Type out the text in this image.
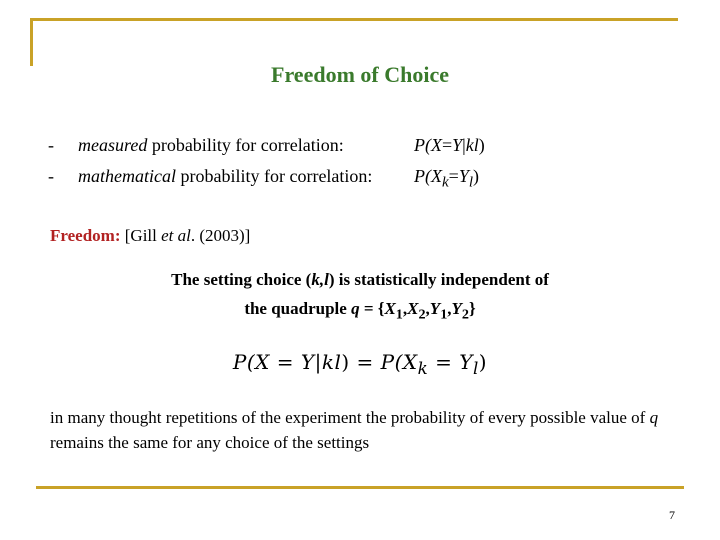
Freedom of Choice
- measured probability for correlation:	P(X=Y|kl)
- mathematical probability for correlation: $P(X_k=Y_l)$
Freedom: [Gill et al. (2003)]
The setting choice (k,l) is statistically independent of
the quadruple $q = \{X_1,X_2,Y_1,Y_2\}$
$P(X = Y|kl) = P(X_k = Y_l)$
in many thought repetitions of the experiment the probability of every possible value of q remains the same for any choice of the settings
7
